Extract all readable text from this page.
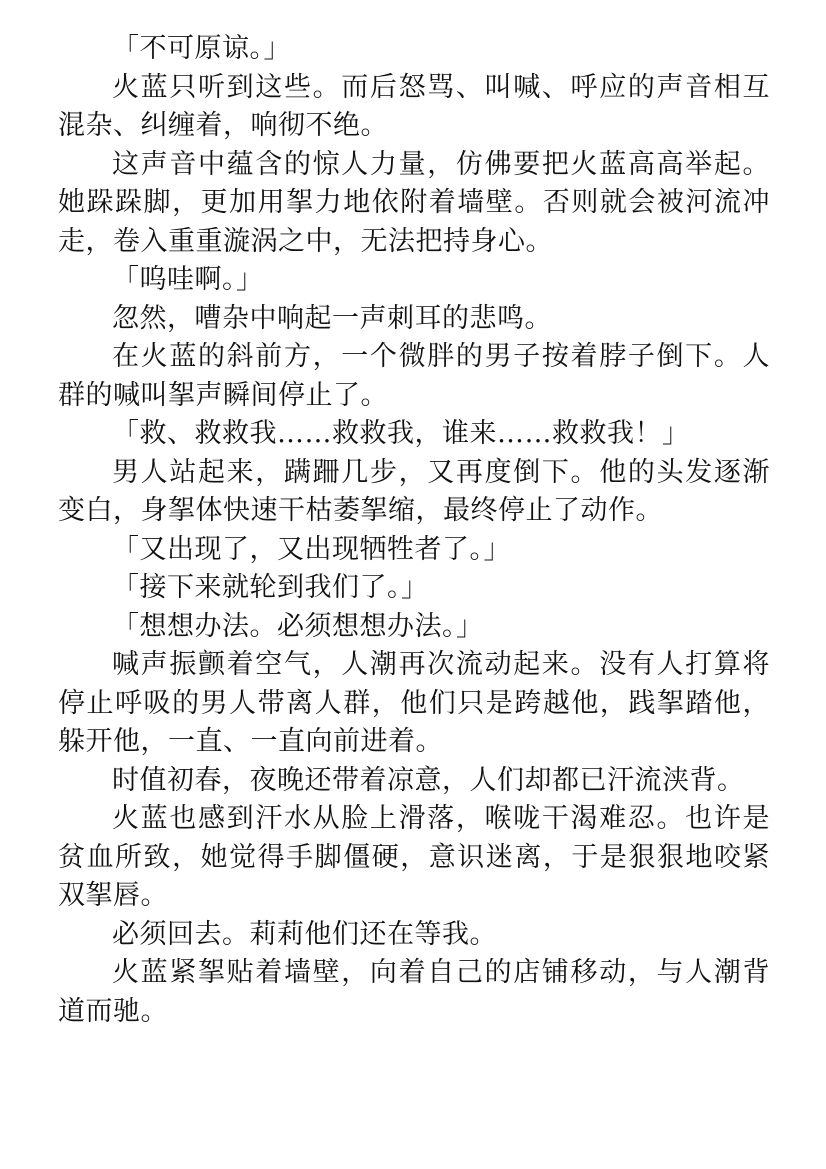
「不可原谅。」

火蓝只听到这些。而后怒骂、叫喊、呼应的声音相互混杂、纠缠着，响彻不绝。

这声音中蕴含的惊人力量，仿佛要把火蓝高高举起。她跺跺脚，更加用挐力地依附着墙壁。否则就会被河流冲走，卷入重重漩涡之中，无法把持身心。

「呜哇啊。」

忽然，嘈杂中响起一声刺耳的悲鸣。

在火蓝的斜前方，一个微胖的男子按着脖子倒下。人群的喊叫挐声瞬间停止了。

「救、救救我……救救我，谁来……救救我！」

男人站起来，蹒跚几步，又再度倒下。他的头发逐渐变白，身挐体快速干枯萎挐缩，最终停止了动作。

「又出现了，又出现牺牲者了。」

「接下来就轮到我们了。」

「想想办法。必须想想办法。」

喊声振颤着空气，人潮再次流动起来。没有人打算将停止呼吸的男人带离人群，他们只是跨越他，践挐踏他，躲开他，一直、一直向前进着。

时值初春，夜晚还带着凉意，人们却都已汗流浃背。

火蓝也感到汗水从脸上滑落，喉咙干渴难忍。也许是贫血所致，她觉得手脚僵硬，意识迷离，于是狠狠地咬紧双挐唇。

必须回去。莉莉他们还在等我。

火蓝紧挐贴着墙壁，向着自己的店铺移动，与人潮背道而驰。
